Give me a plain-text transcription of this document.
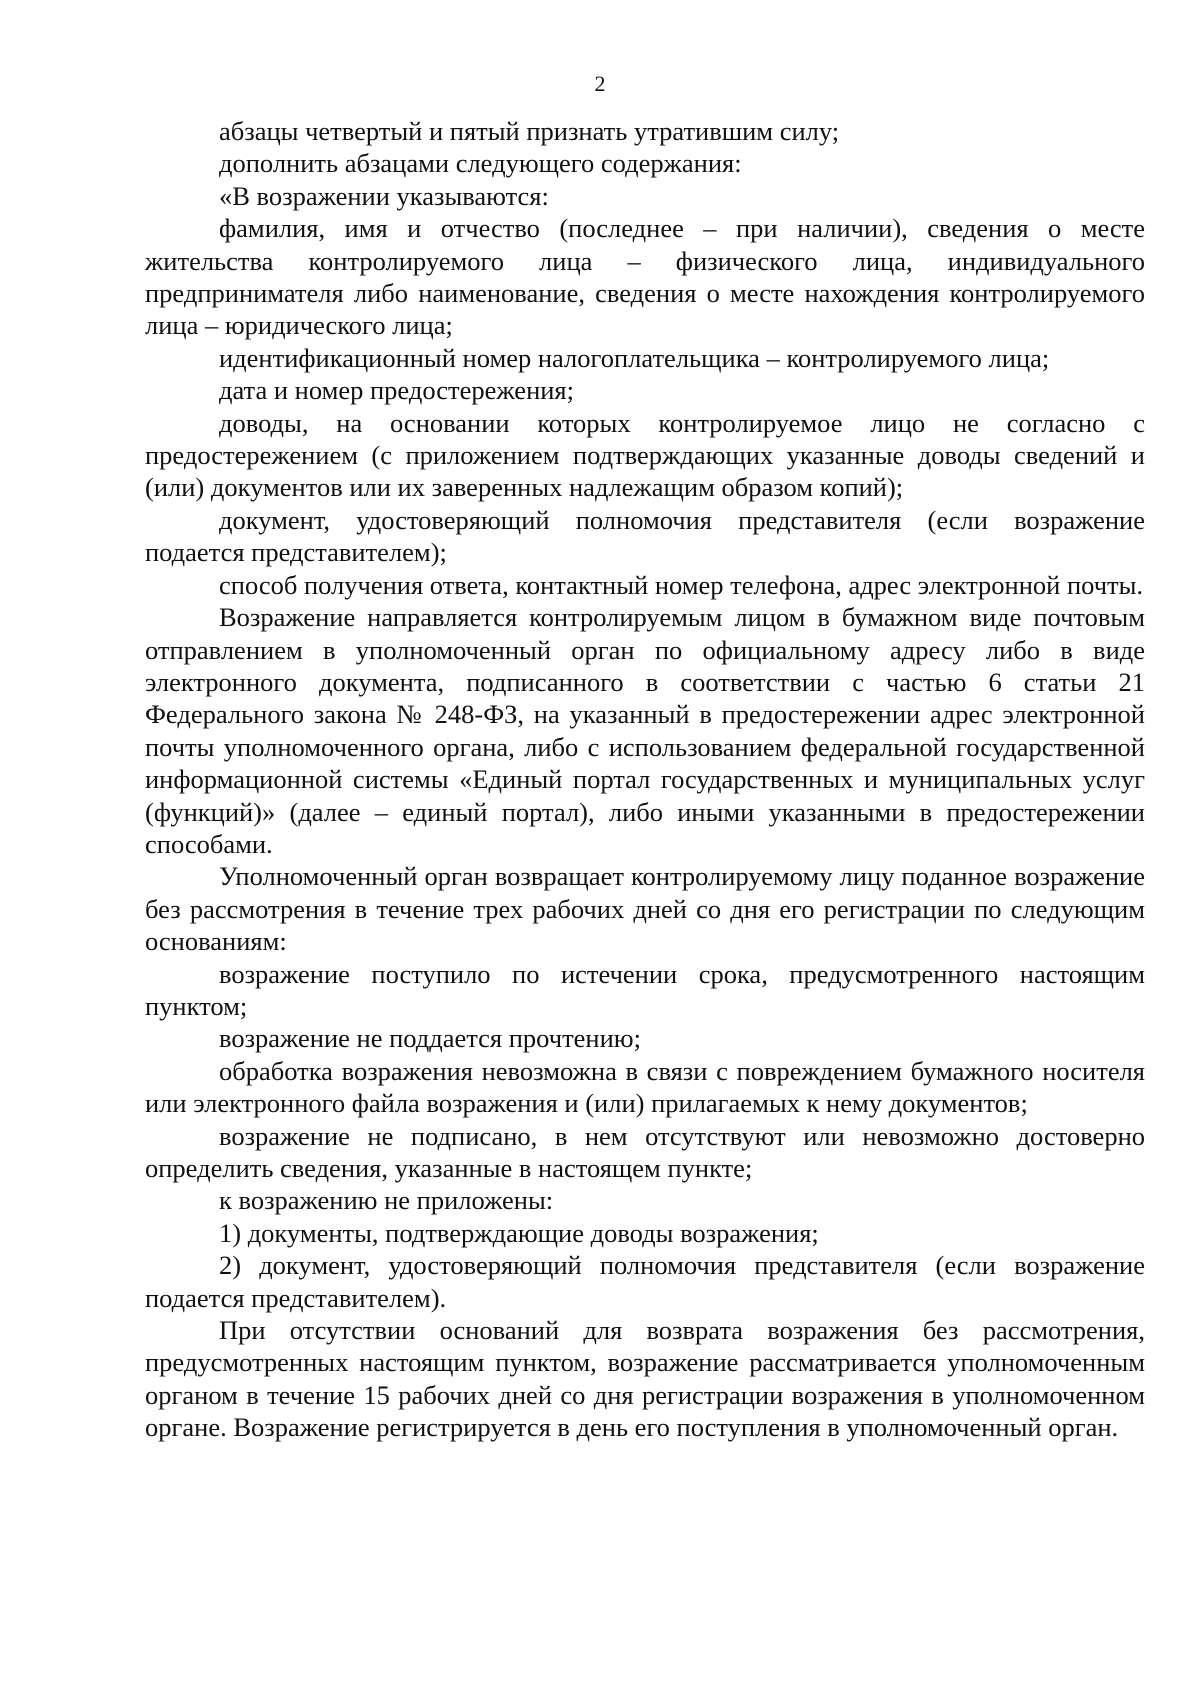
2

абзацы четвертый и пятый признать утратившим силу;

дополнить абзацами следующего содержания:

«В возражении указываются:

фамилия, имя и отчество (последнее – при наличии), сведения о месте жительства контролируемого лица – физического лица, индивидуального предпринимателя либо наименование, сведения о месте нахождения контролируемого лица – юридического лица;

идентификационный номер налогоплательщика – контролируемого лица;

дата и номер предостережения;

доводы, на основании которых контролируемое лицо не согласно с предостережением (с приложением подтверждающих указанные доводы сведений и (или) документов или их заверенных надлежащим образом копий);

документ, удостоверяющий полномочия представителя (если возражение подается представителем);

способ получения ответа, контактный номер телефона, адрес электронной почты.

Возражение направляется контролируемым лицом в бумажном виде почтовым отправлением в уполномоченный орган по официальному адресу либо в виде электронного документа, подписанного в соответствии с частью 6 статьи 21 Федерального закона № 248-ФЗ, на указанный в предостережении адрес электронной почты уполномоченного органа, либо с использованием федеральной государственной информационной системы «Единый портал государственных и муниципальных услуг (функций)» (далее – единый портал), либо иными указанными в предостережении способами.

Уполномоченный орган возвращает контролируемому лицу поданное возражение без рассмотрения в течение трех рабочих дней со дня его регистрации по следующим основаниям:

возражение поступило по истечении срока, предусмотренного настоящим пунктом;

возражение не поддается прочтению;

обработка возражения невозможна в связи с повреждением бумажного носителя или электронного файла возражения и (или) прилагаемых к нему документов;

возражение не подписано, в нем отсутствуют или невозможно достоверно определить сведения, указанные в настоящем пункте;

к возражению не приложены:

1) документы, подтверждающие доводы возражения;

2) документ, удостоверяющий полномочия представителя (если возражение подается представителем).

При отсутствии оснований для возврата возражения без рассмотрения, предусмотренных настоящим пунктом, возражение рассматривается уполномоченным органом в течение 15 рабочих дней со дня регистрации возражения в уполномоченном органе. Возражение регистрируется в день его поступления в уполномоченный орган.
